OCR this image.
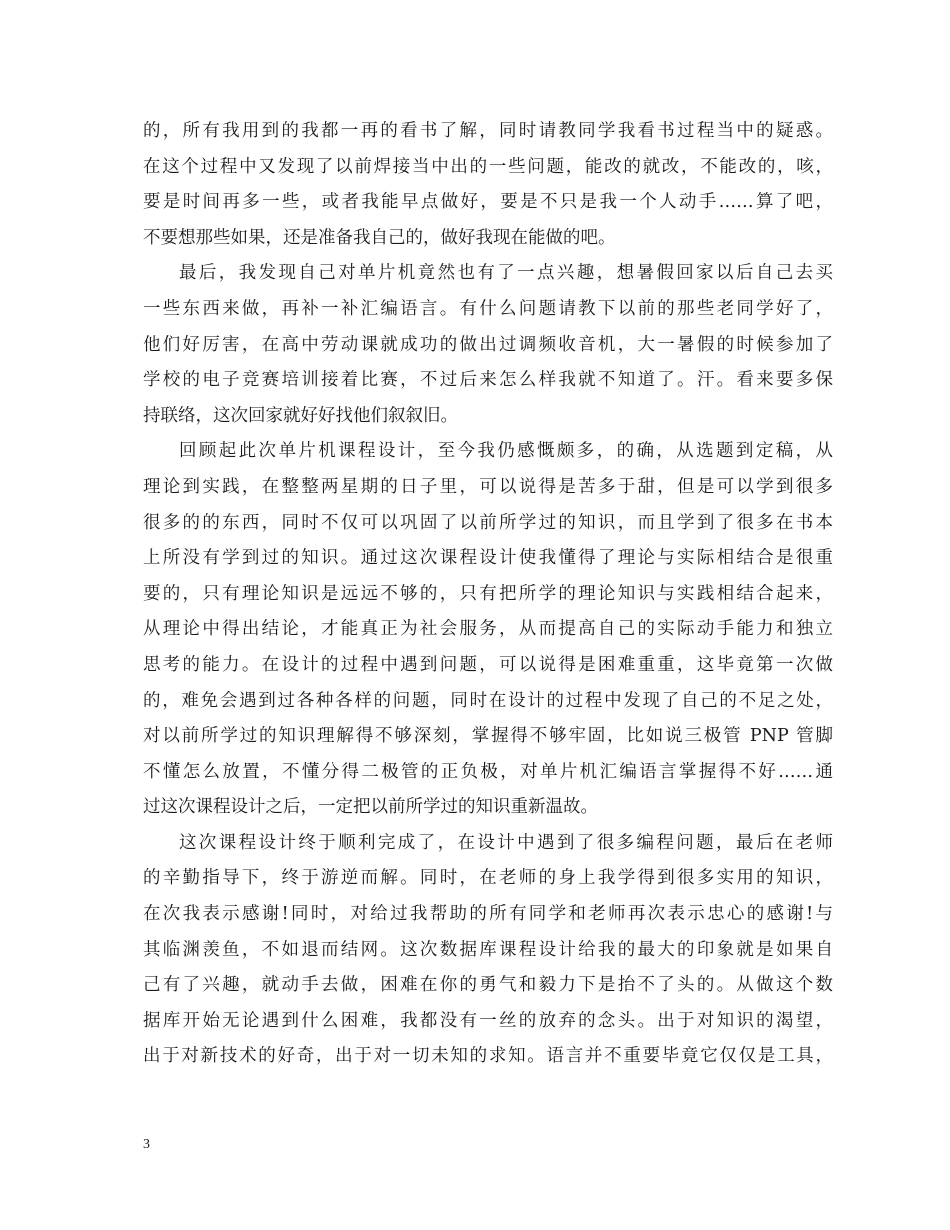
的，所有我用到的我都一再的看书了解，同时请教同学我看书过程当中的疑惑。
在这个过程中又发现了以前焊接当中出的一些问题，能改的就改，不能改的，咳，
要是时间再多一些，或者我能早点做好，要是不只是我一个人动手……算了吧，
不要想那些如果，还是准备我自己的，做好我现在能做的吧。
最后，我发现自己对单片机竟然也有了一点兴趣，想暑假回家以后自己去买
一些东西来做，再补一补汇编语言。有什么问题请教下以前的那些老同学好了，
他们好厉害，在高中劳动课就成功的做出过调频收音机，大一暑假的时候参加了
学校的电子竞赛培训接着比赛，不过后来怎么样我就不知道了。汗。看来要多保
持联络，这次回家就好好找他们叙叙旧。
回顾起此次单片机课程设计，至今我仍感慨颇多，的确，从选题到定稿，从
理论到实践，在整整两星期的日子里，可以说得是苦多于甜，但是可以学到很多
很多的的东西，同时不仅可以巩固了以前所学过的知识，而且学到了很多在书本
上所没有学到过的知识。通过这次课程设计使我懂得了理论与实际相结合是很重
要的，只有理论知识是远远不够的，只有把所学的理论知识与实践相结合起来，
从理论中得出结论，才能真正为社会服务，从而提高自己的实际动手能力和独立
思考的能力。在设计的过程中遇到问题，可以说得是困难重重，这毕竟第一次做
的，难免会遇到过各种各样的问题，同时在设计的过程中发现了自己的不足之处，
对以前所学过的知识理解得不够深刻，掌握得不够牢固，比如说三极管 PNP 管脚
不懂怎么放置，不懂分得二极管的正负极，对单片机汇编语言掌握得不好……通
过这次课程设计之后，一定把以前所学过的知识重新温故。
这次课程设计终于顺利完成了，在设计中遇到了很多编程问题，最后在老师
的辛勤指导下，终于游逆而解。同时，在老师的身上我学得到很多实用的知识，
在次我表示感谢!同时，对给过我帮助的所有同学和老师再次表示忠心的感谢!与
其临渊羡鱼，不如退而结网。这次数据库课程设计给我的最大的印象就是如果自
己有了兴趣，就动手去做，困难在你的勇气和毅力下是抬不了头的。从做这个数
据库开始无论遇到什么困难，我都没有一丝的放弃的念头。出于对知识的渴望，
出于对新技术的好奇，出于对一切未知的求知。语言并不重要毕竟它仅仅是工具，
3
